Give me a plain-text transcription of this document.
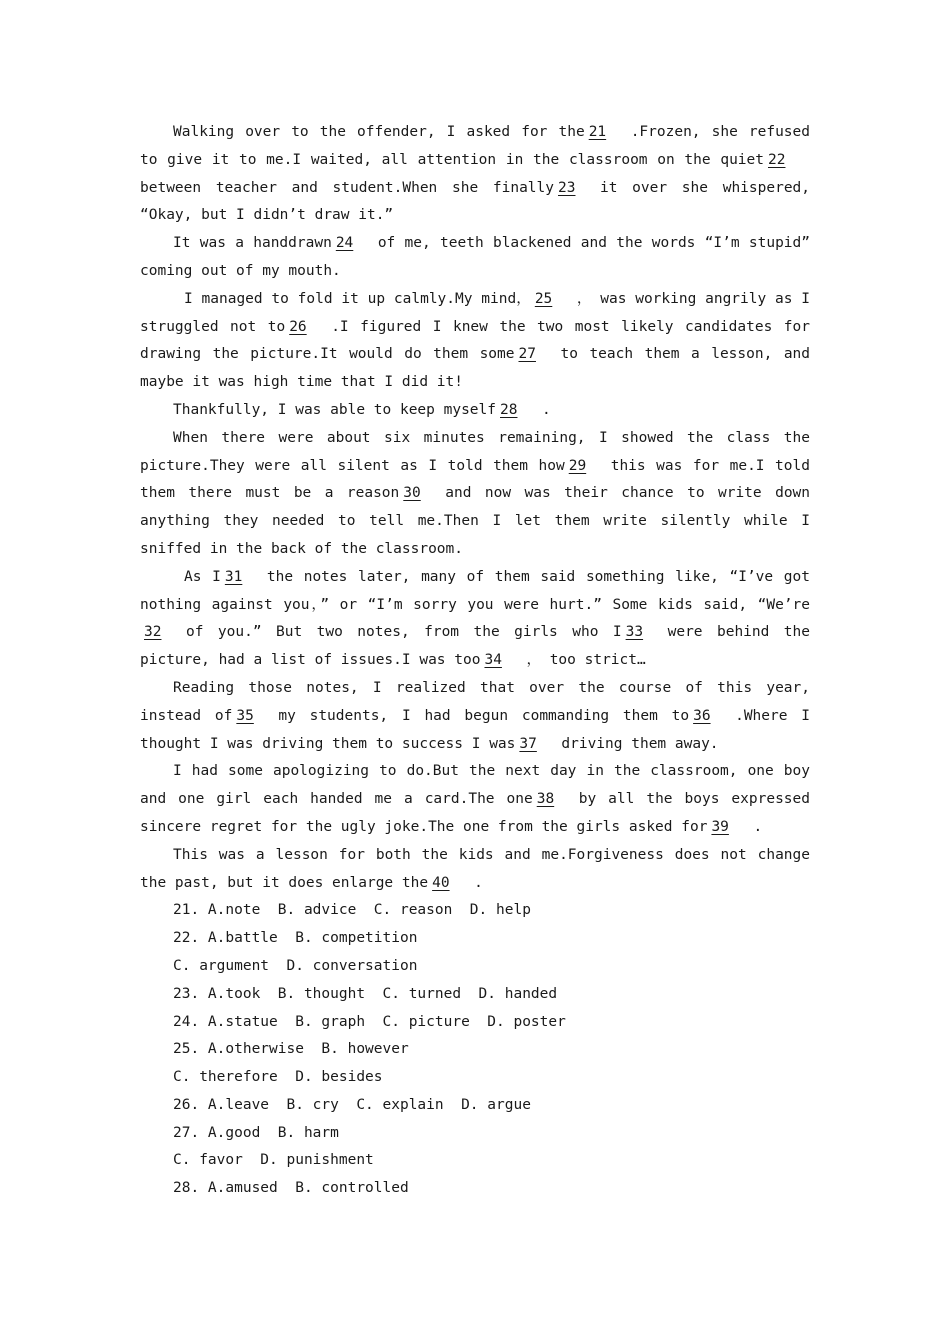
Walking over to the offender, I asked for the 21 .Frozen, she refused to give it to me.I waited, all attention in the classroom on the quiet 22between teacher and student.When she finally 23 it over she whispered, “Okay, but I didn’t draw it.”

It was a handdrawn 24 of me, teeth blackened and the words “I’m stupid” coming out of my mouth.

I managed to fold it up calmly.My mind， 25 ， was working angrily as I struggled not to 26 .I figured I knew the two most likely candidates for drawing the picture.It would do them some 27 to teach them a lesson, and maybe it was high time that I did it!

Thankfully, I was able to keep myself 28 .

When there were about six minutes remaining, I showed the class the picture.They were all silent as I told them how 29 this was for me.I told them there must be a reason 30 and now was their chance to write down anything they needed to tell me.Then I let them write silently while I sniffed in the back of the classroom.

As I 31 the notes later, many of them said something like, “I’ve got nothing against you，” or “I’m sorry you were hurt.” Some kids said, “We’re32 of you.” But two notes, from the girls who I 33 were behind the picture, had a list of issues.I was too 34 ， too strict…

Reading those notes, I realized that over the course of this year, instead of 35 my students, I had begun commanding them to 36 .Where I thought I was driving them to success I was 37 driving them away.

I had some apologizing to do.But the next day in the classroom, one boy and one girl each handed me a card.The one 38 by all the boys expressed sincere regret for the ugly joke.The one from the girls asked for 39 .

This was a lesson for both the kids and me.Forgiveness does not change the past, but it does enlarge the 40 .

21. A.note  B. advice  C. reason  D. help

22. A.battle  B. competition

C. argument  D. conversation

23. A.took  B. thought  C. turned  D. handed

24. A.statue  B. graph  C. picture  D. poster

25. A.otherwise  B. however

C. therefore  D. besides

26. A.leave  B. cry  C. explain  D. argue

27. A.good  B. harm

C. favor  D. punishment

28. A.amused  B. controlled
